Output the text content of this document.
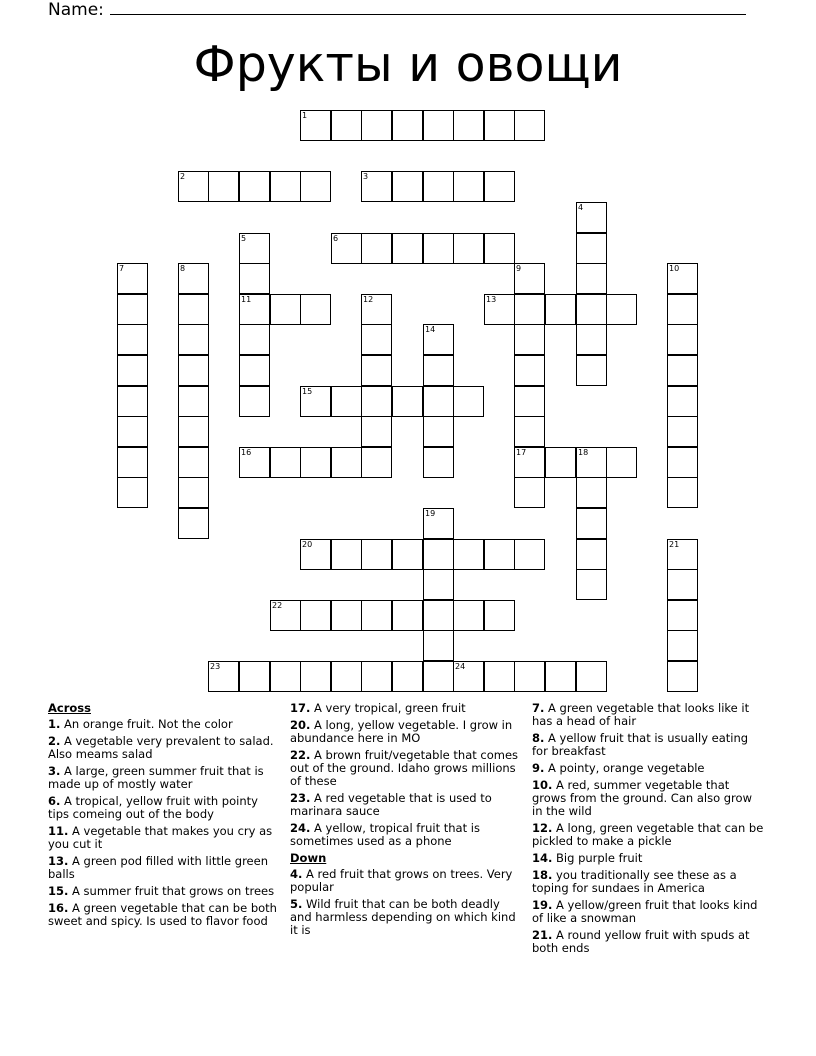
Name:
Фрукты и овощи
1
2	3
4
5	6
7	8	9	10
11	12	13
14
15
16	17	18
19
20	21
22
23	24
Across
1. An orange fruit. Not the color
2. A vegetable very prevalent to salad. Also meams salad
3. A large, green summer fruit that is made up of mostly water
6. A tropical, yellow fruit with pointy tips comeing out of the body
11. A vegetable that makes you cry as you cut it
13. A green pod filled with little green balls
15. A summer fruit that grows on trees
16. A green vegetable that can be both sweet and spicy. Is used to flavor food
17. A very tropical, green fruit
20. A long, yellow vegetable. I grow in abundance here in MO
22. A brown fruit/vegetable that comes out of the ground. Idaho grows millions of these
23. A red vegetable that is used to marinara sauce
24. A yellow, tropical fruit that is sometimes used as a phone
Down
4. A red fruit that grows on trees. Very popular
5. Wild fruit that can be both deadly and harmless depending on which kind it is
7. A green vegetable that looks like it has a head of hair
8. A yellow fruit that is usually eating for breakfast
9. A pointy, orange vegetable
10. A red, summer vegetable that grows from the ground. Can also grow in the wild
12. A long, green vegetable that can be pickled to make a pickle
14. Big purple fruit
18. you traditionally see these as a toping for sundaes in America
19. A yellow/green fruit that looks kind of like a snowman
21. A round yellow fruit with spuds at both ends
